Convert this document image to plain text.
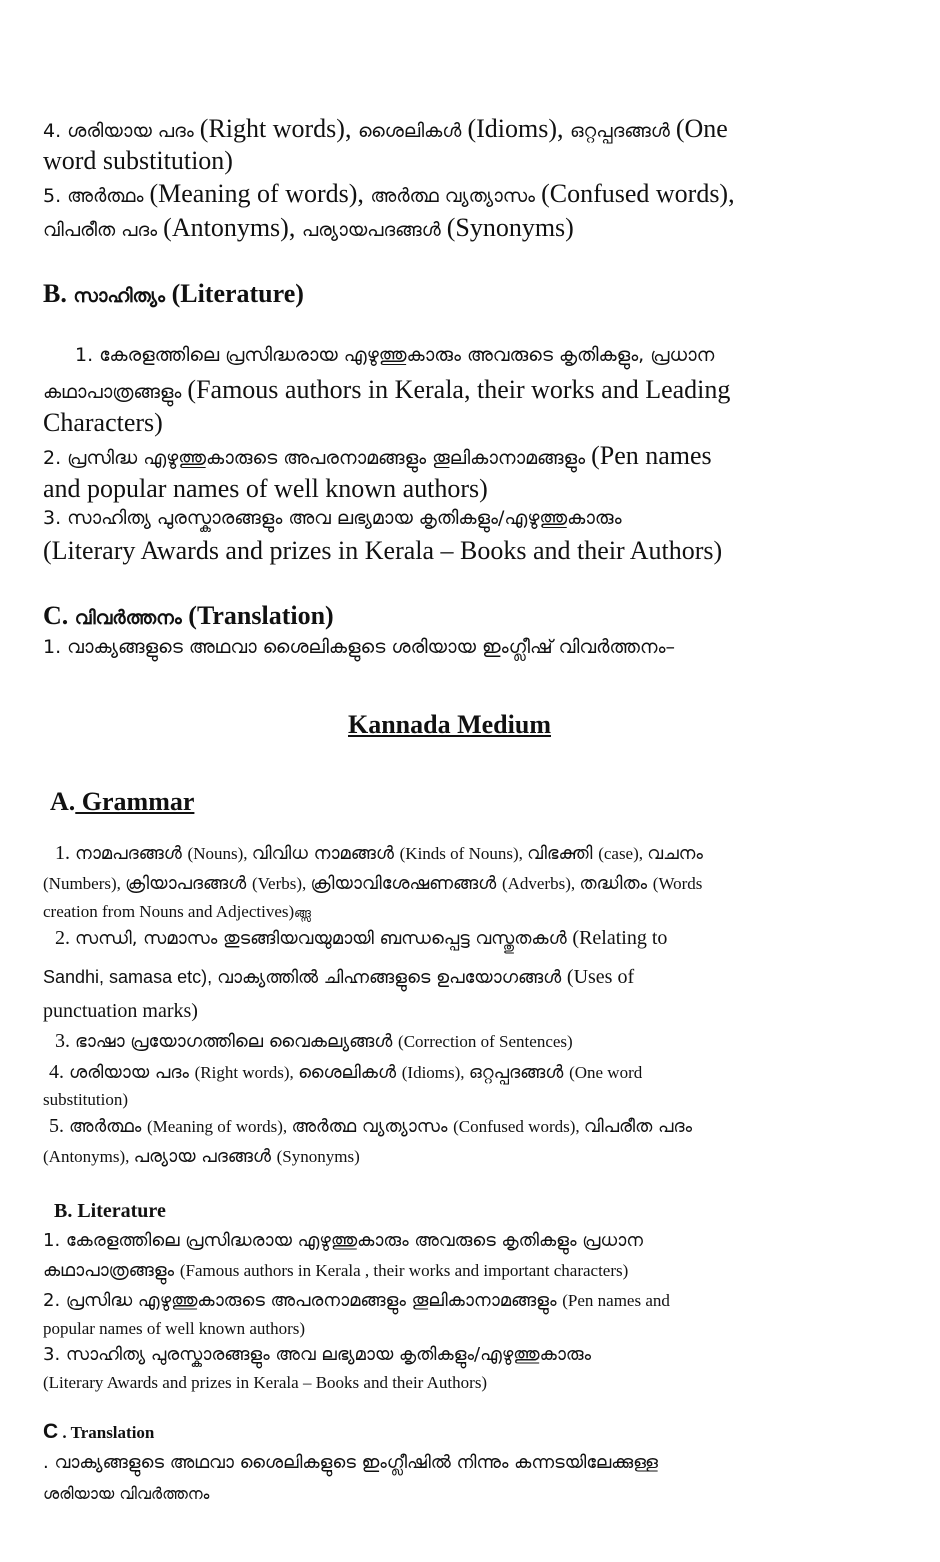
4. ശരിയായ പദം (Right words), ശൈലികൾ (Idioms), ഒറ്റപ്പദങ്ങൾ (One
word substitution)
5. അർത്ഥം (Meaning of words), അർത്ഥ വ്യത്യാസം (Confused words),
വിപരീത പദം (Antonyms), പര്യായപദങ്ങൾ (Synonyms)
B. സാഹിത്യം (Literature)
1. കേരളത്തിലെ പ്രസിദ്ധരായ എഴുത്തുകാരും അവരുടെ കൃതികളും, പ്രധാന
കഥാപാത്രങ്ങളും (Famous authors in Kerala, their works and Leading
Characters)
2. പ്രസിദ്ധ എഴുത്തുകാരുടെ അപരനാമങ്ങളും തൂലികാനാമങ്ങളും (Pen names
and popular names of well known authors)
3. സാഹിത്യ പുരസ്കാരങ്ങളും അവ ലഭ്യമായ കൃതികളും/എഴുത്തുകാരും
(Literary Awards and prizes in Kerala – Books and their Authors)
C. വിവർത്തനം (Translation)
1. വാക്യങ്ങളുടെ അഥവാ ശൈലികളുടെ ശരിയായ ഇംഗ്ലീഷ് വിവർത്തനം–
Kannada Medium
A. Grammar
1. നാമപദങ്ങൾ (Nouns), വിവിധ നാമങ്ങൾ (Kinds of Nouns), വിഭക്തി (case), വചനം
(Numbers), ക്രിയാപദങ്ങൾ (Verbs), ക്രിയാവിശേഷണങ്ങൾ (Adverbs), തദ്ധിതം (Words
creation from Nouns and Adjectives)ങ്ങ്സ
2. സന്ധി, സമാസം തുടങ്ങിയവയുമായി ബന്ധപ്പെട്ട വസ്തുതകൾ (Relating to
Sandhi, samasa etc), വാക്യത്തിൽ ചിഹ്നങ്ങളുടെ ഉപയോഗങ്ങൾ (Uses of
punctuation marks)
3. ഭാഷാ പ്രയോഗത്തിലെ വൈകല്യങ്ങൾ (Correction of Sentences)
4. ശരിയായ പദം (Right words), ശൈലികൾ (Idioms), ഒറ്റപ്പദങ്ങൾ (One word
substitution)
5. അർത്ഥം (Meaning of words), അർത്ഥ വ്യത്യാസം (Confused words), വിപരീത പദം
(Antonyms), പര്യായ പദങ്ങൾ (Synonyms)
B. Literature
1. കേരളത്തിലെ പ്രസിദ്ധരായ എഴുത്തുകാരും അവരുടെ കൃതികളും പ്രധാന
കഥാപാത്രങ്ങളും (Famous authors in Kerala , their works and important characters)
2. പ്രസിദ്ധ എഴുത്തുകാരുടെ അപരനാമങ്ങളും തൂലികാനാമങ്ങളും (Pen names and
popular names of well known authors)
3. സാഹിത്യ പുരസ്കാരങ്ങളും അവ ലഭ്യമായ കൃതികളും/എഴുത്തുകാരും
(Literary Awards and prizes in Kerala – Books and their Authors)
C . Translation
. വാക്യങ്ങളുടെ അഥവാ ശൈലികളുടെ ഇംഗ്ലീഷിൽ നിന്നും കന്നടയിലേക്കുള്ള
ശരിയായ വിവർത്തനം
